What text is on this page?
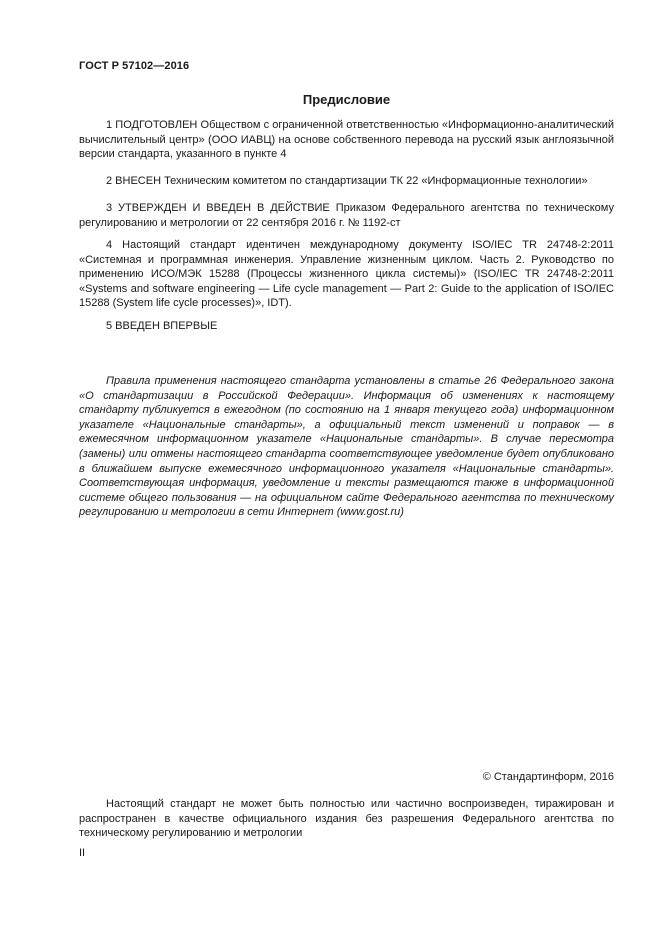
ГОСТ Р 57102—2016
Предисловие
1 ПОДГОТОВЛЕН Обществом с ограниченной ответственностью «Информационно-аналитический вычислительный центр» (ООО ИАВЦ) на основе собственного перевода на русский язык англоязычной версии стандарта, указанного в пункте 4
2 ВНЕСЕН Техническим комитетом по стандартизации ТК 22 «Информационные технологии»
3 УТВЕРЖДЕН И ВВЕДЕН В ДЕЙСТВИЕ Приказом Федерального агентства по техническому регулированию и метрологии от 22 сентября 2016 г. № 1192-ст
4 Настоящий стандарт идентичен международному документу ISO/IEC TR 24748-2:2011 «Системная и программная инженерия. Управление жизненным циклом. Часть 2. Руководство по применению ИСО/МЭК 15288 (Процессы жизненного цикла системы)» (ISO/IEC TR 24748-2:2011 «Systems and software engineering — Life cycle management — Part 2: Guide to the application of ISO/IEC 15288 (System life cycle processes)», IDT).
5 ВВЕДЕН ВПЕРВЫЕ
Правила применения настоящего стандарта установлены в статье 26 Федерального закона «О стандартизации в Российской Федерации». Информация об изменениях к настоящему стандарту публикуется в ежегодном (по состоянию на 1 января текущего года) информационном указателе «Национальные стандарты», а официальный текст изменений и поправок — в ежемесячном информационном указателе «Национальные стандарты». В случае пересмотра (замены) или отмены настоящего стандарта соответствующее уведомление будет опубликовано в ближайшем выпуске ежемесячного информационного указателя «Национальные стандарты». Соответствующая информация, уведомление и тексты размещаются также в информационной системе общего пользования — на официальном сайте Федерального агентства по техническому регулированию и метрологии в сети Интернет (www.gost.ru)
© Стандартинформ, 2016
Настоящий стандарт не может быть полностью или частично воспроизведен, тиражирован и распространен в качестве официального издания без разрешения Федерального агентства по техническому регулированию и метрологии
II
